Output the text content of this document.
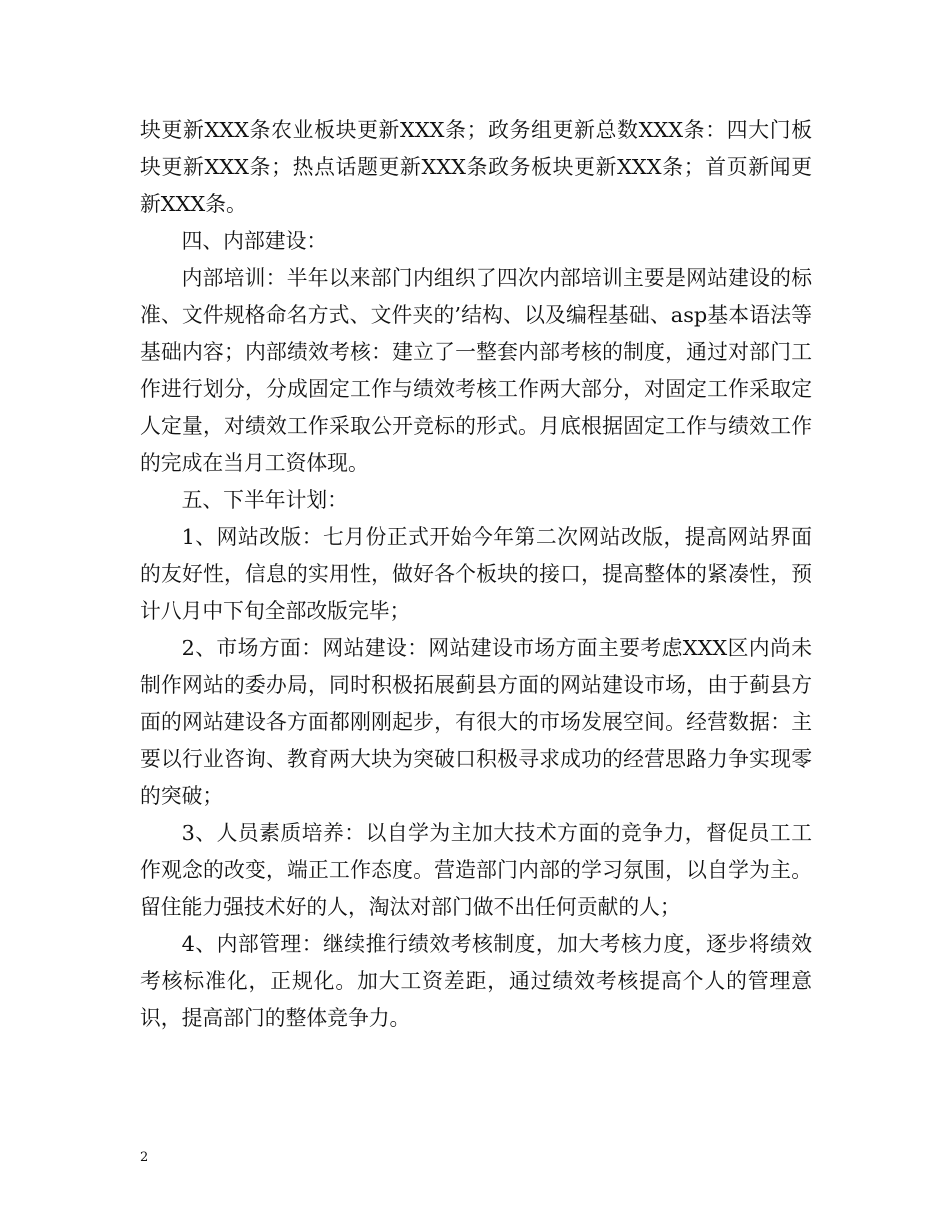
块更新XXX条农业板块更新XXX条；政务组更新总数XXX条：四大门板块更新XXX条；热点话题更新XXX条政务板块更新XXX条；首页新闻更新XXX条。

四、内部建设：

内部培训：半年以来部门内组织了四次内部培训主要是网站建设的标准、文件规格命名方式、文件夹的’结构、以及编程基础、asp基本语法等基础内容；内部绩效考核：建立了一整套内部考核的制度，通过对部门工作进行划分，分成固定工作与绩效考核工作两大部分，对固定工作采取定人定量，对绩效工作采取公开竞标的形式。月底根据固定工作与绩效工作的完成在当月工资体现。

五、下半年计划：

1、网站改版：七月份正式开始今年第二次网站改版，提高网站界面的友好性，信息的实用性，做好各个板块的接口，提高整体的紧凑性，预计八月中下旬全部改版完毕；

2、市场方面：网站建设：网站建设市场方面主要考虑XXX区内尚未制作网站的委办局，同时积极拓展蓟县方面的网站建设市场，由于蓟县方面的网站建设各方面都刚刚起步，有很大的市场发展空间。经营数据：主要以行业咨询、教育两大块为突破口积极寻求成功的经营思路力争实现零的突破；

3、人员素质培养：以自学为主加大技术方面的竞争力，督促员工工作观念的改变，端正工作态度。营造部门内部的学习氛围，以自学为主。留住能力强技术好的人，淘汰对部门做不出任何贡献的人；

4、内部管理：继续推行绩效考核制度，加大考核力度，逐步将绩效考核标准化，正规化。加大工资差距，通过绩效考核提高个人的管理意识，提高部门的整体竞争力。

2
